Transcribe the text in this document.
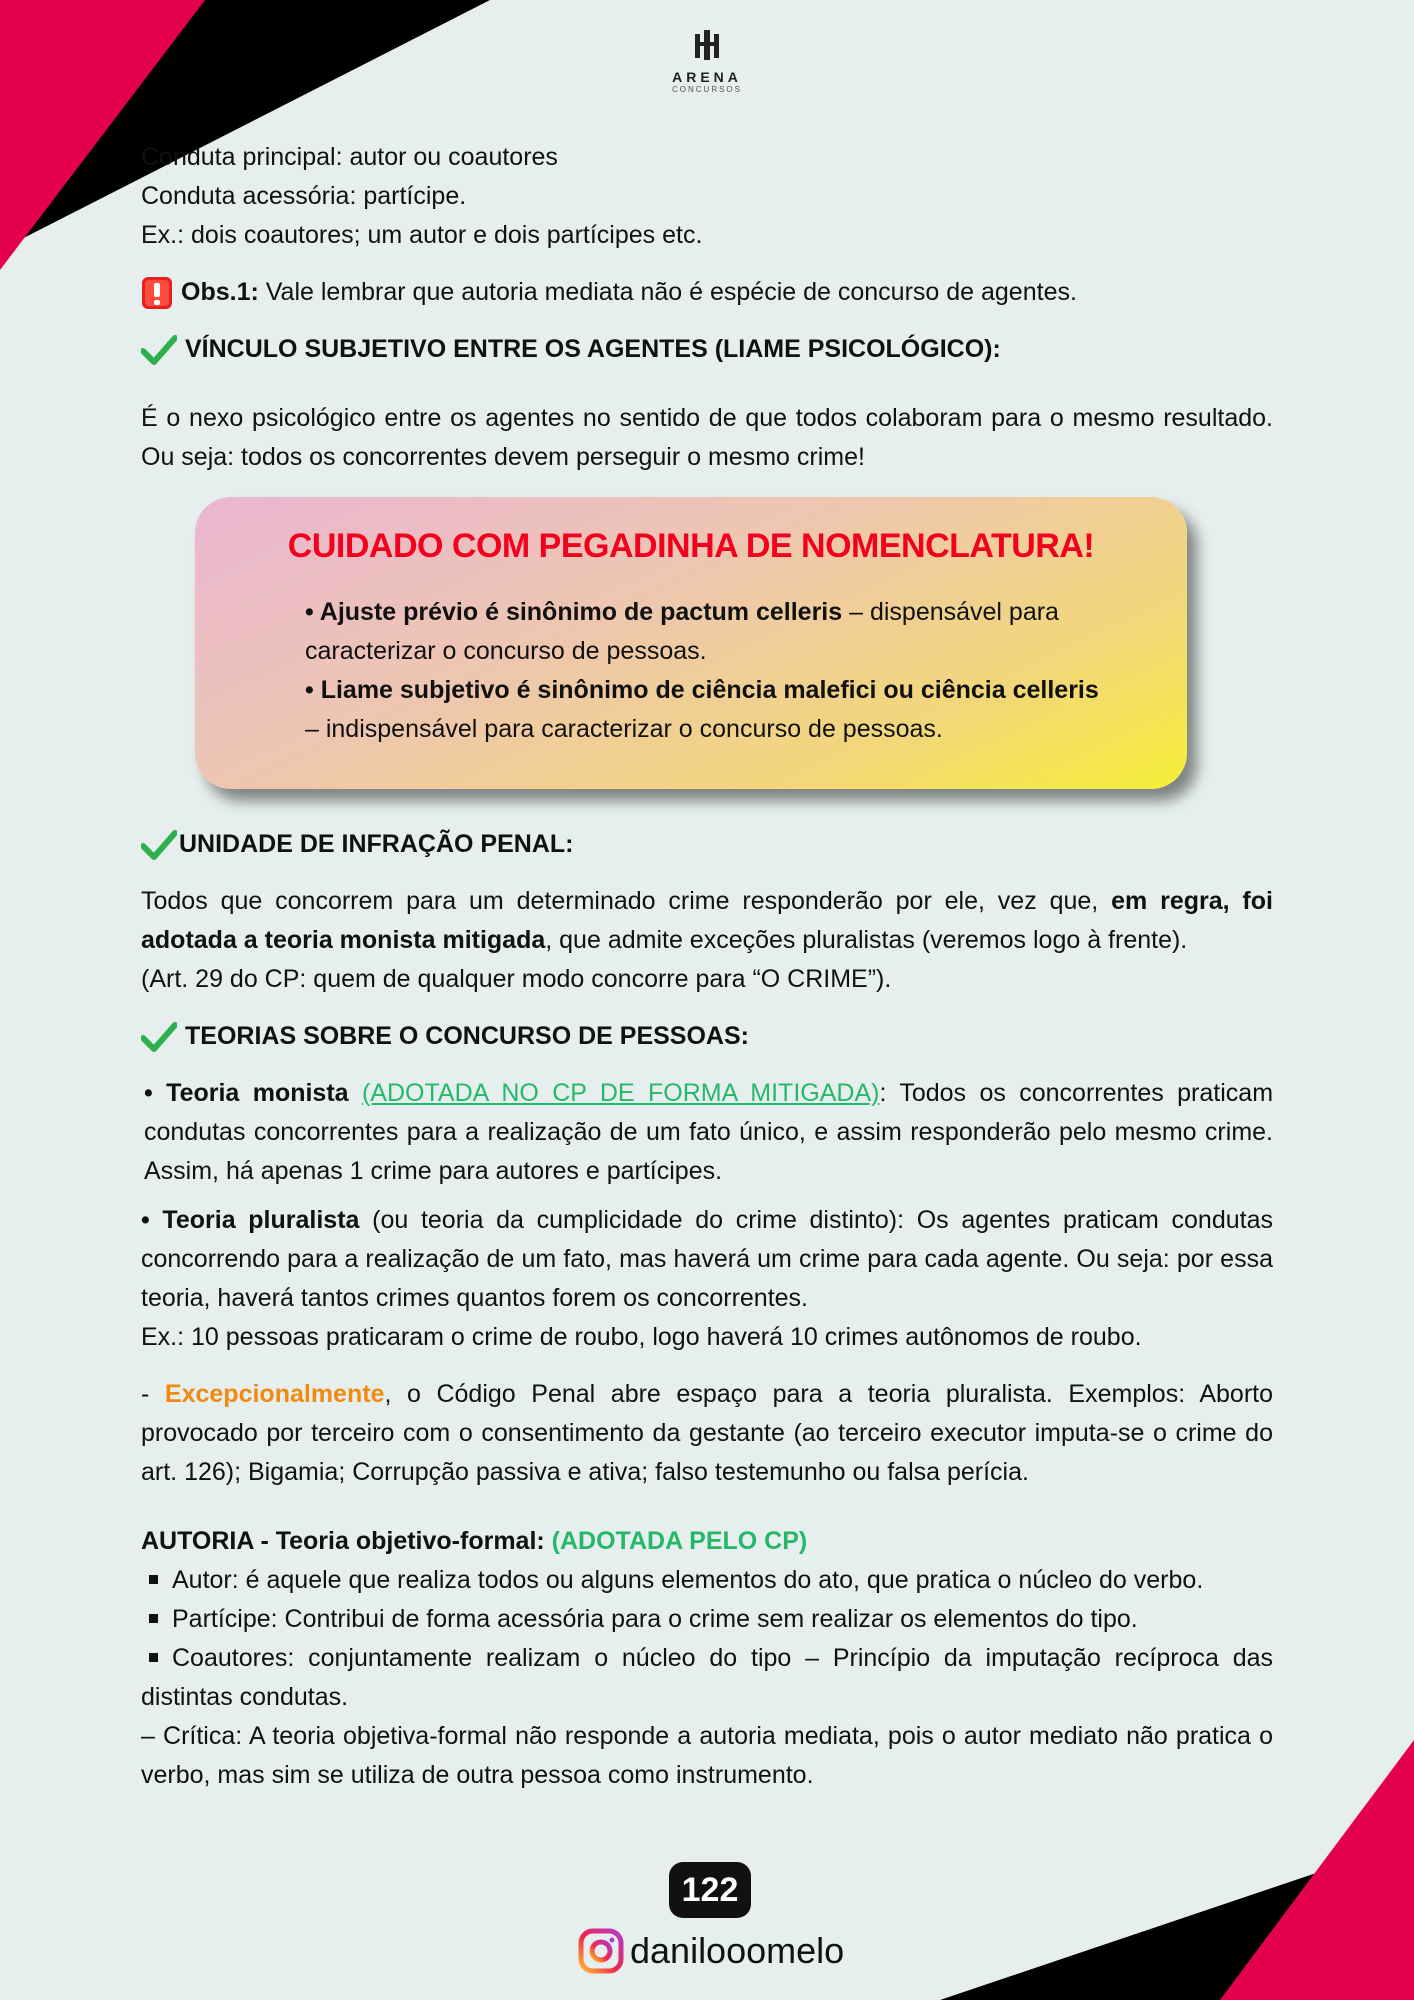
ARENA
CONCURSOS

Conduta principal: autor ou coautores

Conduta acessória: partícipe.

Ex.: dois coautores; um autor e dois partícipes etc.

Obs.1: Vale lembrar que autoria mediata não é espécie de concurso de agentes.
VÍNCULO SUBJETIVO ENTRE OS AGENTES (LIAME PSICOLÓGICO):

É o nexo psicológico entre os agentes no sentido de que todos colaboram para o mesmo resultado. Ou seja: todos os concorrentes devem perseguir o mesmo crime!

CUIDADO COM PEGADINHA DE NOMENCLATURA!
• Ajuste prévio é sinônimo de pactum celleris – dispensável para caracterizar o concurso de pessoas.
• Liame subjetivo é sinônimo de ciência malefici ou ciência celleris – indispensável para caracterizar o concurso de pessoas.
UNIDADE DE INFRAÇÃO PENAL:

Todos que concorrem para um determinado crime responderão por ele, vez que, em regra, foi adotada a teoria monista mitigada, que admite exceções pluralistas (veremos logo à frente).

(Art. 29 do CP: quem de qualquer modo concorre para “O CRIME”).

TEORIAS SOBRE O CONCURSO DE PESSOAS:

• Teoria monista (ADOTADA NO CP DE FORMA MITIGADA): Todos os concorrentes praticam condutas concorrentes para a realização de um fato único, e assim responderão pelo mesmo crime. Assim, há apenas 1 crime para autores e partícipes.

• Teoria pluralista (ou teoria da cumplicidade do crime distinto): Os agentes praticam condutas concorrendo para a realização de um fato, mas haverá um crime para cada agente. Ou seja: por essa teoria, haverá tantos crimes quantos forem os concorrentes.

Ex.: 10 pessoas praticaram o crime de roubo, logo haverá 10 crimes autônomos de roubo.

- Excepcionalmente, o Código Penal abre espaço para a teoria pluralista. Exemplos: Aborto provocado por terceiro com o consentimento da gestante (ao terceiro executor imputa-se o crime do art. 126); Bigamia; Corrupção passiva e ativa; falso testemunho ou falsa perícia.

AUTORIA - Teoria objetivo-formal: (ADOTADA PELO CP)

Autor: é aquele que realiza todos ou alguns elementos do ato, que pratica o núcleo do verbo.

Partícipe: Contribui de forma acessória para o crime sem realizar os elementos do tipo.

Coautores: conjuntamente realizam o núcleo do tipo – Princípio da imputação recíproca das distintas condutas.

– Crítica: A teoria objetiva-formal não responde a autoria mediata, pois o autor mediato não pratica o verbo, mas sim se utiliza de outra pessoa como instrumento.

122
danilooomelo
